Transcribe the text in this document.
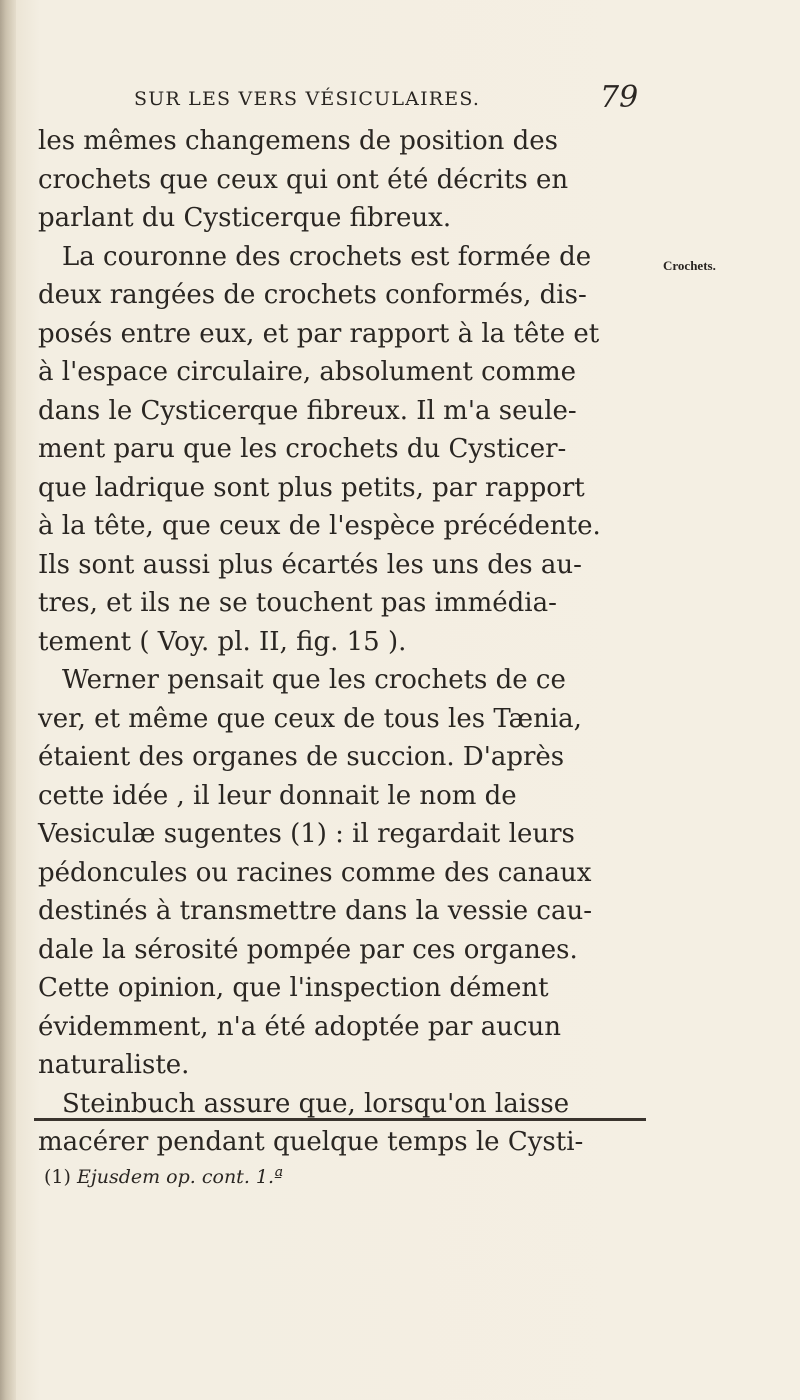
SUR LES VERS VÉSICULAIRES.	79
les mêmes changemens de position des
crochets que ceux qui ont été décrits en
parlant du Cysticerque fibreux.
La couronne des crochets est formée de
deux rangées de crochets conformés, dis-
posés entre eux, et par rapport à la tête et
à l'espace circulaire, absolument comme
dans le Cysticerque fibreux. Il m'a seule-
ment paru que les crochets du Cysticer-
que ladrique sont plus petits, par rapport
à la tête, que ceux de l'espèce précédente.
Ils sont aussi plus écartés les uns des au-
tres, et ils ne se touchent pas immédia-
tement ( Voy. pl. II, fig. 15 ).
Werner pensait que les crochets de ce
ver, et même que ceux de tous les Tænia,
étaient des organes de succion. D'après
cette idée , il leur donnait le nom de
Vesiculæ sugentes (1) : il regardait leurs
pédoncules ou racines comme des canaux
destinés à transmettre dans la vessie cau-
dale la sérosité pompée par ces organes.
Cette opinion, que l'inspection dément
évidemment, n'a été adoptée par aucun
naturaliste.
Steinbuch assure que, lorsqu'on laisse
macérer pendant quelque temps le Cysti-
Crochets.
(1) Ejusdem op. cont. 1.ª
